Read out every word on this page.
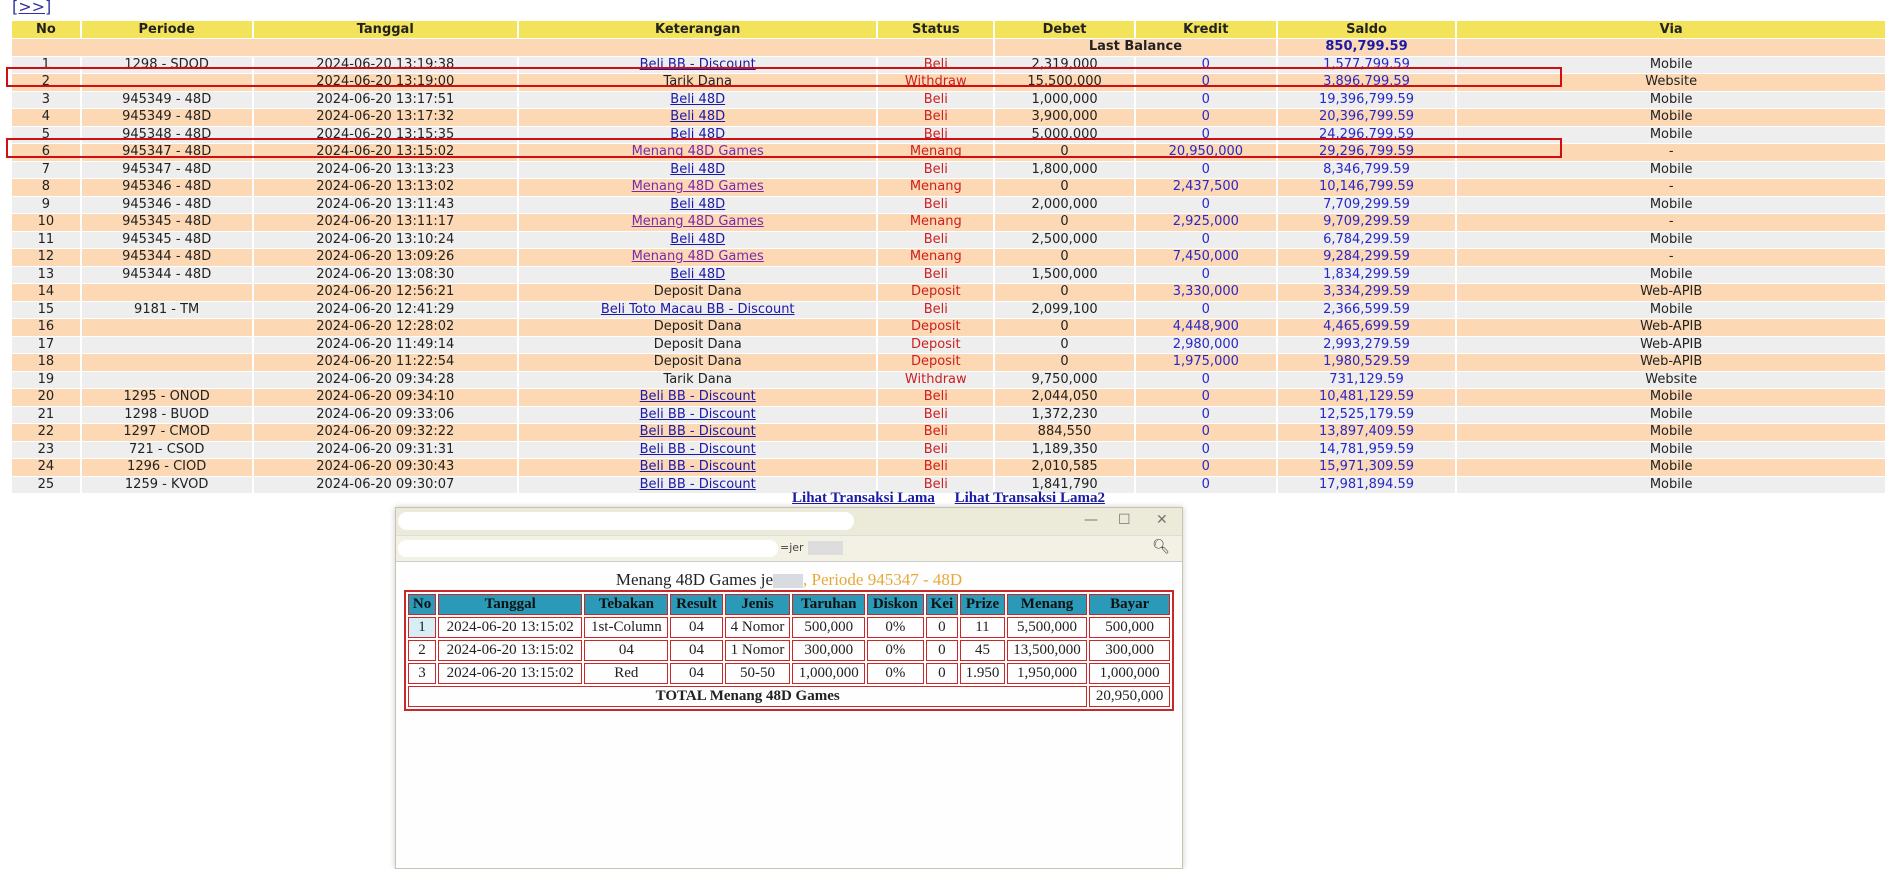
[>>]
No	Periode	Tanggal	Keterangan	Status	Debet	Kredit	Saldo	Via
					Last Balance		850,799.59	
1	1298 - SDOD	2024-06-20 13:19:38	Beli BB - Discount	Beli	2,319,000	0	1,577,799.59	Mobile
2		2024-06-20 13:19:00	Tarik Dana	Withdraw	15,500,000	0	3,896,799.59	Website
3	945349 - 48D	2024-06-20 13:17:51	Beli 48D	Beli	1,000,000	0	19,396,799.59	Mobile
4	945349 - 48D	2024-06-20 13:17:32	Beli 48D	Beli	3,900,000	0	20,396,799.59	Mobile
5	945348 - 48D	2024-06-20 13:15:35	Beli 48D	Beli	5,000,000	0	24,296,799.59	Mobile
6	945347 - 48D	2024-06-20 13:15:02	Menang 48D Games	Menang	0	20,950,000	29,296,799.59	-
7	945347 - 48D	2024-06-20 13:13:23	Beli 48D	Beli	1,800,000	0	8,346,799.59	Mobile
8	945346 - 48D	2024-06-20 13:13:02	Menang 48D Games	Menang	0	2,437,500	10,146,799.59	-
9	945346 - 48D	2024-06-20 13:11:43	Beli 48D	Beli	2,000,000	0	7,709,299.59	Mobile
10	945345 - 48D	2024-06-20 13:11:17	Menang 48D Games	Menang	0	2,925,000	9,709,299.59	-
11	945345 - 48D	2024-06-20 13:10:24	Beli 48D	Beli	2,500,000	0	6,784,299.59	Mobile
12	945344 - 48D	2024-06-20 13:09:26	Menang 48D Games	Menang	0	7,450,000	9,284,299.59	-
13	945344 - 48D	2024-06-20 13:08:30	Beli 48D	Beli	1,500,000	0	1,834,299.59	Mobile
14		2024-06-20 12:56:21	Deposit Dana	Deposit	0	3,330,000	3,334,299.59	Web-APIB
15	9181 - TM	2024-06-20 12:41:29	Beli Toto Macau BB - Discount	Beli	2,099,100	0	2,366,599.59	Mobile
16		2024-06-20 12:28:02	Deposit Dana	Deposit	0	4,448,900	4,465,699.59	Web-APIB
17		2024-06-20 11:49:14	Deposit Dana	Deposit	0	2,980,000	2,993,279.59	Web-APIB
18		2024-06-20 11:22:54	Deposit Dana	Deposit	0	1,975,000	1,980,529.59	Web-APIB
19		2024-06-20 09:34:28	Tarik Dana	Withdraw	9,750,000	0	731,129.59	Website
20	1295 - ONOD	2024-06-20 09:34:10	Beli BB - Discount	Beli	2,044,050	0	10,481,129.59	Mobile
21	1298 - BUOD	2024-06-20 09:33:06	Beli BB - Discount	Beli	1,372,230	0	12,525,179.59	Mobile
22	1297 - CMOD	2024-06-20 09:32:22	Beli BB - Discount	Beli	884,550	0	13,897,409.59	Mobile
23	721 - CSOD	2024-06-20 09:31:31	Beli BB - Discount	Beli	1,189,350	0	14,781,959.59	Mobile
24	1296 - CIOD	2024-06-20 09:30:43	Beli BB - Discount	Beli	2,010,585	0	15,971,309.59	Mobile
25	1259 - KVOD	2024-06-20 09:30:07	Beli BB - Discount	Beli	1,841,790	0	17,981,894.59	Mobile
Lihat Transaksi Lama Lihat Transaksi Lama2
— ☐ ✕
=jer	🔍︎
Menang 48D Games je , Periode 945347 - 48D
No	Tanggal	Tebakan	Result	Jenis	Taruhan	Diskon	Kei	Prize	Menang	Bayar
1	2024-06-20 13:15:02	1st-Column	04	4 Nomor	500,000	0%	0	11	5,500,000	500,000
2	2024-06-20 13:15:02	04	04	1 Nomor	300,000	0%	0	45	13,500,000	300,000
3	2024-06-20 13:15:02	Red	04	50-50	1,000,000	0%	0	1.950	1,950,000	1,000,000
TOTAL Menang 48D Games										20,950,000
